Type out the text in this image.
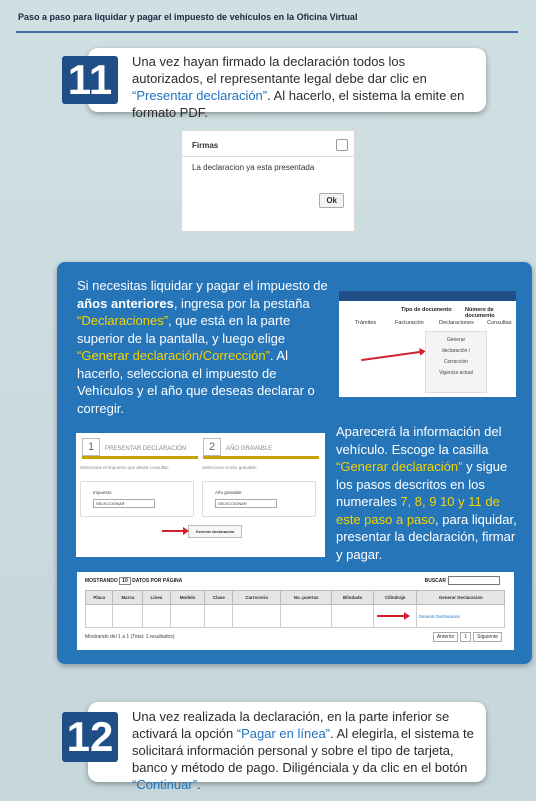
Paso a paso para liquidar y pagar el impuesto de vehículos en la Oficina Virtual
11	Una vez hayan firmado la declaración todos los autorizados, el representante legal debe dar clic en “Presentar declaración”. Al hacerlo, el sistema la emite en formato PDF.
Firmas
La declaracion ya esta presentada
Ok
Si necesitas liquidar y pagar el impuesto de años anteriores, ingresa por la pestaña “Declaraciones”, que está en la parte superior de la pantalla, y luego elige “Generar declaración/Corrección”. Al hacerlo, selecciona el impuesto de Vehículos y el año que deseas declarar o corregir.
Tipo de documento Número de documento
Trámites	Facturación	Declaraciones Consultas
Generar
declaración /
Corrección
Vigencia actual
1 PRESENTAR DECLARACIÓN	2 AÑO GRAVABLE
Seleccione el impuesto que desea consultar:	Seleccione el año gravable:
Impuesto
SELECCIONAR
Año gravable
SELECCIONAR
Generar declaración
Aparecerá la información del vehículo. Escoge la casilla “Generar declaración” y sigue los pasos descritos en los numerales 7, 8, 9 10 y 11 de este paso a paso, para liquidar, presentar la declaración, firmar y pagar.
MOSTRANDO 10 DATOS POR PÁGINA	BUSCAR
Placa	Marca	Línea	Modelo	Clase	Carrocería	No. puertas	Blindado	Cilindraje	Generar Declaracion
									Generar Declaracion
Mostrando del 1 a 1 (Total: 1 resultados)	Anterior 1 Siguiente
12	Una vez realizada la declaración, en la parte inferior se activará la opción “Pagar en línea”. Al elegirla, el sistema te solicitará información personal y sobre el tipo de tarjeta, banco y método de pago. Diligénciala y da clic en el botón “Continuar”.
